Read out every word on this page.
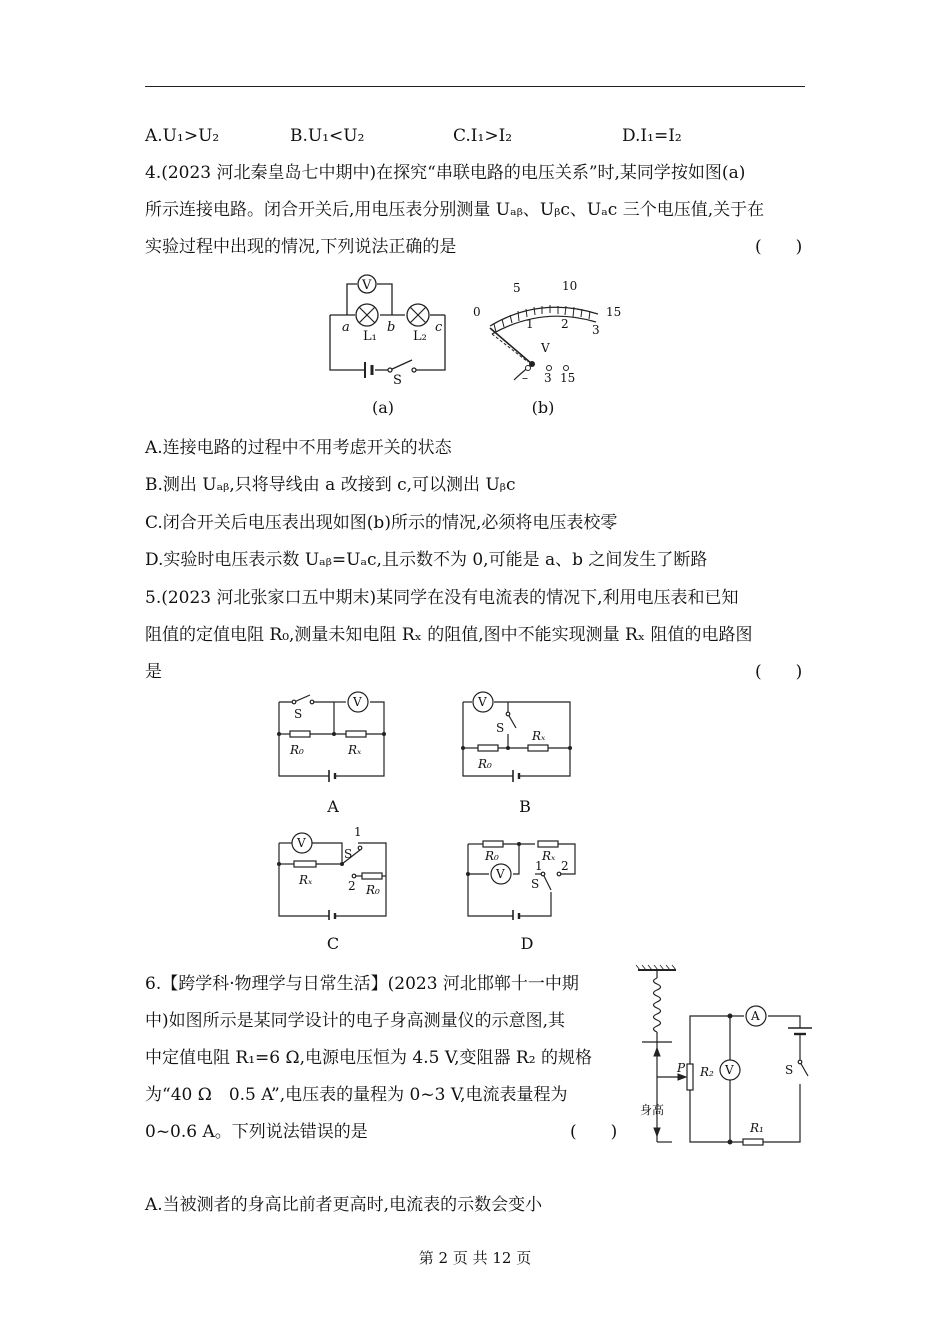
A.U₁>U₂	B.U₁<U₂	C.I₁>I₂	D.I₁=I₂
4.(2023 河北秦皇岛七中期中)在探究“串联电路的电压关系”时,某同学按如图(a)
所示连接电路。闭合开关后,用电压表分别测量 Uₐᵦ、Uᵦc、Uₐc 三个电压值,关于在
实验过程中出现的情况,下列说法正确的是	(　　)
V
a	b	c
L₁	L₂
S
(a)
0
5	10
15
1 2 3
V
– 3 15
(b)
A.连接电路的过程中不用考虑开关的状态
B.测出 Uₐᵦ,只将导线由 a 改接到 c,可以测出 Uᵦc
C.闭合开关后电压表出现如图(b)所示的情况,必须将电压表校零
D.实验时电压表示数 Uₐᵦ=Uₐc,且示数不为 0,可能是 a、b 之间发生了断路
5.(2023 河北张家口五中期末)某同学在没有电流表的情况下,利用电压表和已知
阻值的定值电阻 R₀,测量未知电阻 Rₓ 的阻值,图中不能实现测量 Rₓ 阻值的电路图
是	(　　)
V
S
R₀	Rₓ
A
V
S
Rₓ
R₀
B
V
1
S
Rₓ	2 R₀
C
R₀	Rₓ
V
1 2
S
D
6.【跨学科·物理学与日常生活】(2023 河北邯郸十一中期
中)如图所示是某同学设计的电子身高测量仪的示意图,其
中定值电阻 R₁=6 Ω,电源电压恒为 4.5 V,变阻器 R₂ 的规格
为“40 Ω　0.5 A”,电压表的量程为 0~3 V,电流表量程为
0~0.6 A。下列说法错误的是	(　　)
A
S
P R₂ V
R₁
身高
A.当被测者的身高比前者更高时,电流表的示数会变小
第 2 页 共 12 页
